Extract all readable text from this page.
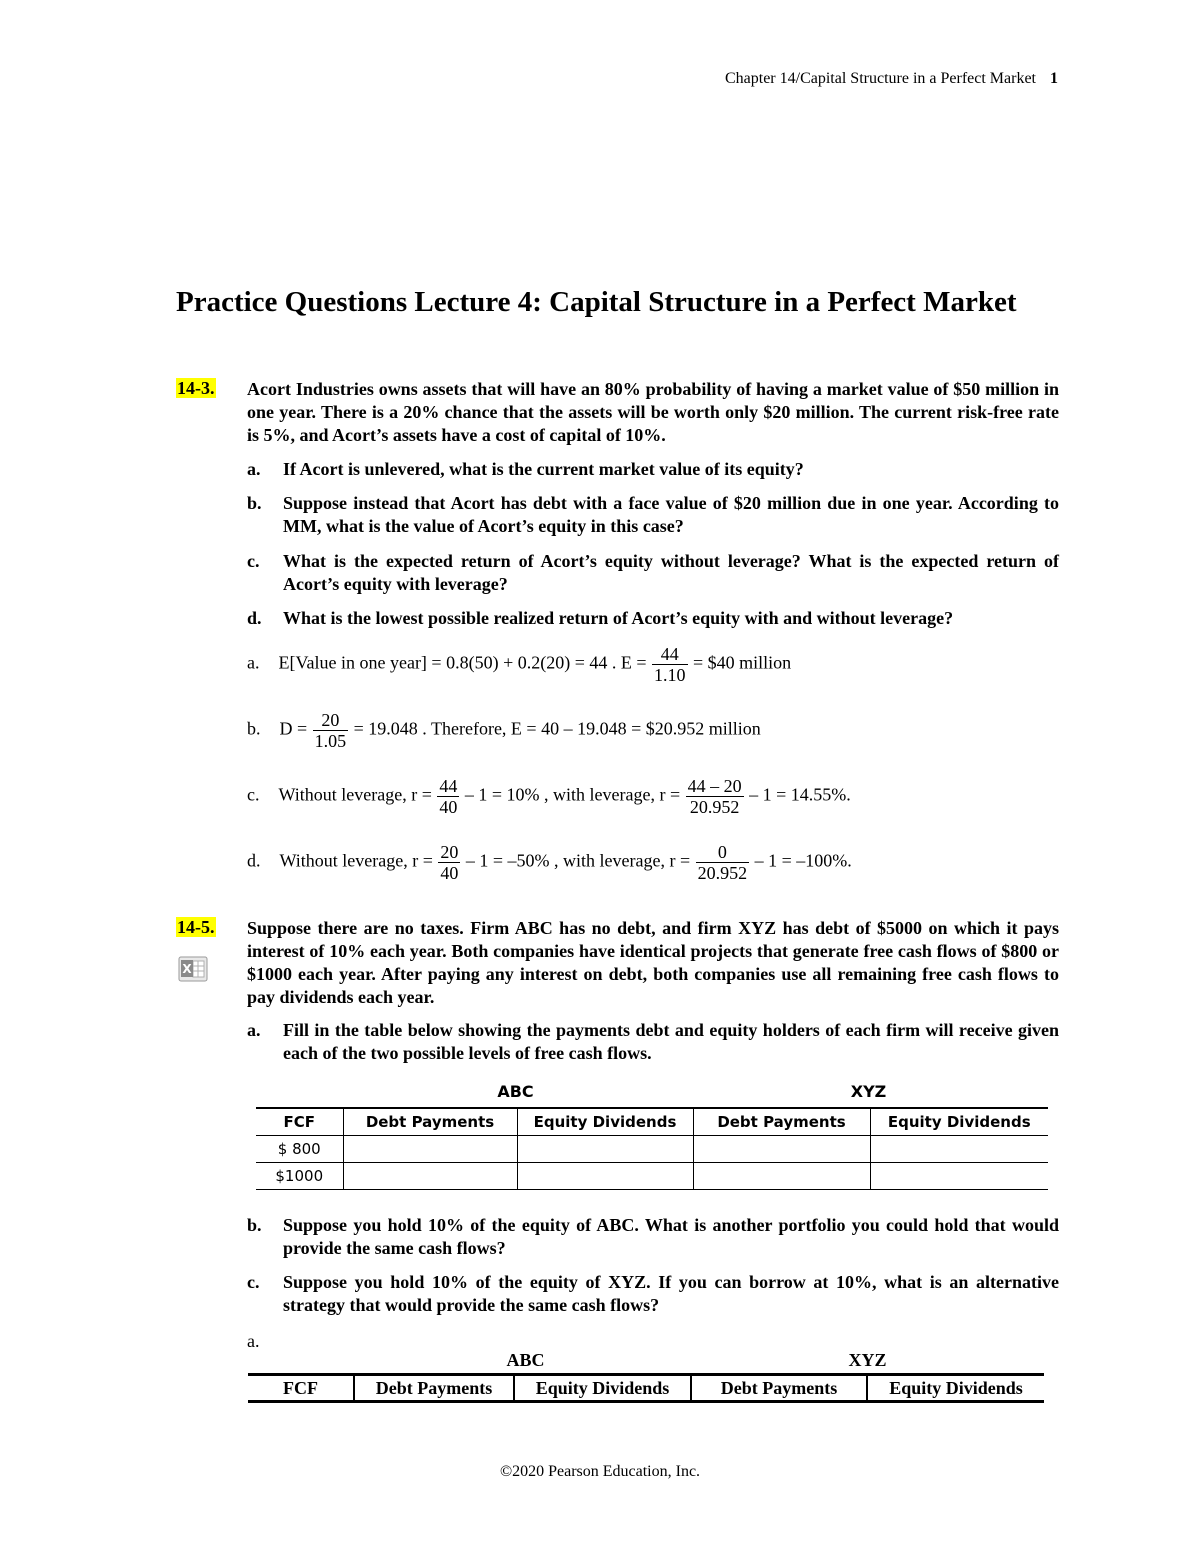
Chapter 14/Capital Structure in a Perfect Market 1
Practice Questions Lecture 4: Capital Structure in a Perfect Market
14-3. Acort Industries owns assets that will have an 80% probability of having a market value of $50 million in one year. There is a 20% chance that the assets will be worth only $20 million. The current risk-free rate is 5%, and Acort’s assets have a cost of capital of 10%.
a. If Acort is unlevered, what is the current market value of its equity?
b. Suppose instead that Acort has debt with a face value of $20 million due in one year. According to MM, what is the value of Acort’s equity in this case?
c. What is the expected return of Acort’s equity without leverage? What is the expected return of Acort’s equity with leverage?
d. What is the lowest possible realized return of Acort’s equity with and without leverage?
a. E[Value in one year] = 0.8(50) + 0.2(20) = 44 . $E = \frac{44}{1.10}$ = $40 million
b. $D = \frac{20}{1.05} = 19.048$ . Therefore, E = 40 – 19.048 = $20.952 million
c. Without leverage, $r = \frac{44}{40} - 1 = 10\%$ , with leverage, $r = \frac{44 - 20}{20.952} - 1 = 14.55\%$.
d. Without leverage, $r = \frac{20}{40} - 1 = -50\%$ , with leverage, $r = \frac{0}{20.952} - 1 = -100\%$.
14-5.
X
Suppose there are no taxes. Firm ABC has no debt, and firm XYZ has debt of $5000 on which it pays interest of 10% each year. Both companies have identical projects that generate free cash flows of $800 or $1000 each year. After paying any interest on debt, both companies use all remaining free cash flows to pay dividends each year.
a. Fill in the table below showing the payments debt and equity holders of each firm will receive given each of the two possible levels of free cash flows.
ABC	XYZ
FCF	Debt Payments	Equity Dividends	Debt Payments	Equity Dividends
$ 800				
$1000				
b. Suppose you hold 10% of the equity of ABC. What is another portfolio you could hold that would provide the same cash flows?
c. Suppose you hold 10% of the equity of XYZ. If you can borrow at 10%, what is an alternative strategy that would provide the same cash flows?
a.
ABC	XYZ
FCF	Debt Payments	Equity Dividends	Debt Payments	Equity Dividends
©2020 Pearson Education, Inc.
